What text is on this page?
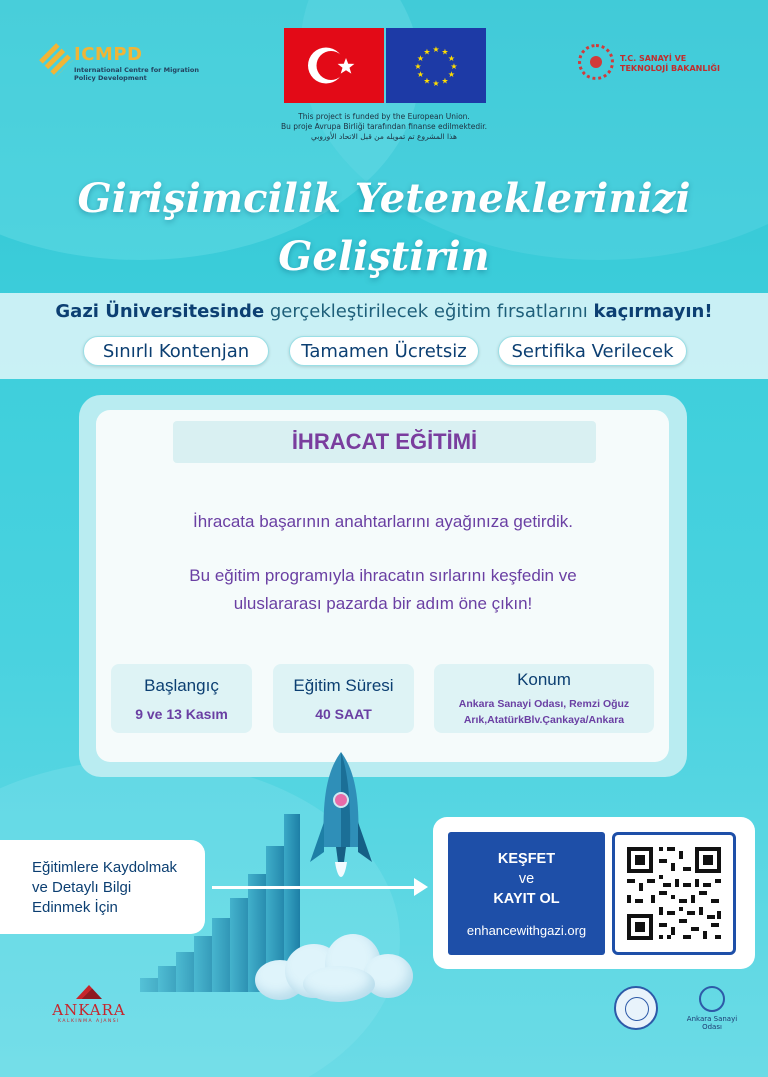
ICMPD
International Centre for Migration Policy Development
★ ★
★
★
★
★
★
★
★
★
★
★
This project is funded by the European Union.
Bu proje Avrupa Birliği tarafından finanse edilmektedir.
هذا المشروع تم تمويله من قبل الاتحاد الأوروبي
T.C. SANAYİ VE
TEKNOLOJİ BAKANLIĞI
Girişimcilik Yeteneklerinizi
Geliştirin
Gazi Üniversitesinde gerçekleştirilecek eğitim fırsatlarını kaçırmayın!
Sınırlı Kontenjan	Tamamen Ücretsiz	Sertifika Verilecek
İHRACAT EĞİTİMİ
İhracata başarının anahtarlarını ayağınıza getirdik.
Bu eğitim programıyla ihracatın sırlarını keşfedin ve
uluslararası pazarda bir adım öne çıkın!
Başlangıç
9 ve 13 Kasım
Eğitim Süresi
40 SAAT
Konum
Ankara Sanayi Odası, Remzi Oğuz
Arık,AtatürkBlv.Çankaya/Ankara
Eğitimlere Kaydolmak
ve Detaylı Bilgi
Edinmek İçin
KEŞFET
ve
KAYIT OL
enhancewithgazi.org
ANKARA
KALKINMA AJANSI	Ankara Sanayi Odası
